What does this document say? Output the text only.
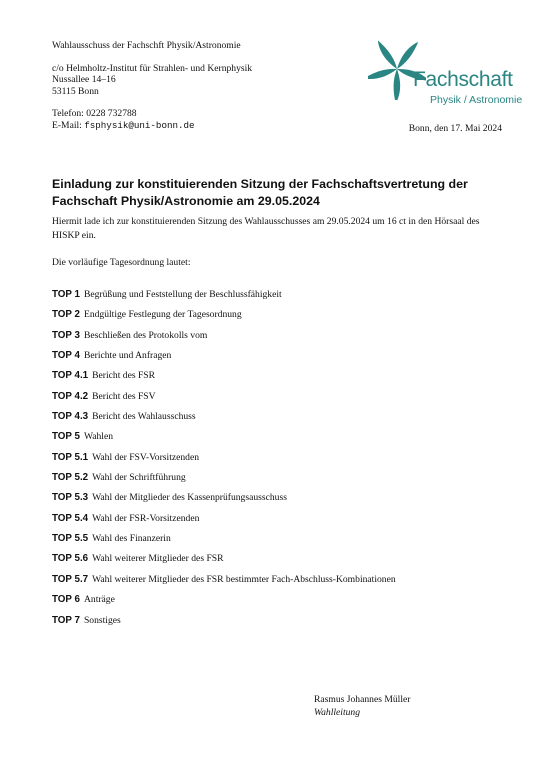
Wahlausschuss der Fachschft Physik/Astronomie
c/o Helmholtz-Institut für Strahlen- und Kernphysik
Nussallee 14–16
53115 Bonn
Telefon: 0228 732788
E-Mail: fsphysik@uni-bonn.de
Fachschaft
Physik / Astronomie
Bonn, den 17. Mai 2024
Einladung zur konstituierenden Sitzung der Fachschaftsvertretung der Fachschaft Physik/Astronomie am 29.05.2024

Hiermit lade ich zur konstituierenden Sitzung des Wahlausschusses am 29.05.2024 um 16 ct in den Hörsaal des HISKP ein.

Die vorläufige Tagesordnung lautet:

TOP 1 Begrüßung und Feststellung der Beschlussfähigkeit
TOP 2 Endgültige Festlegung der Tagesordnung
TOP 3 Beschließen des Protokolls vom
TOP 4 Berichte und Anfragen
TOP 4.1 Bericht des FSR
TOP 4.2 Bericht des FSV
TOP 4.3 Bericht des Wahlausschuss
TOP 5 Wahlen
TOP 5.1 Wahl der FSV-Vorsitzenden
TOP 5.2 Wahl der Schriftführung
TOP 5.3 Wahl der Mitglieder des Kassenprüfungsausschuss
TOP 5.4 Wahl der FSR-Vorsitzenden
TOP 5.5 Wahl des Finanzerin
TOP 5.6 Wahl weiterer Mitglieder des FSR
TOP 5.7 Wahl weiterer Mitglieder des FSR bestimmter Fach-Abschluss-Kombinationen
TOP 6 Anträge
TOP 7 Sonstiges
Rasmus Johannes Müller
Wahlleitung
